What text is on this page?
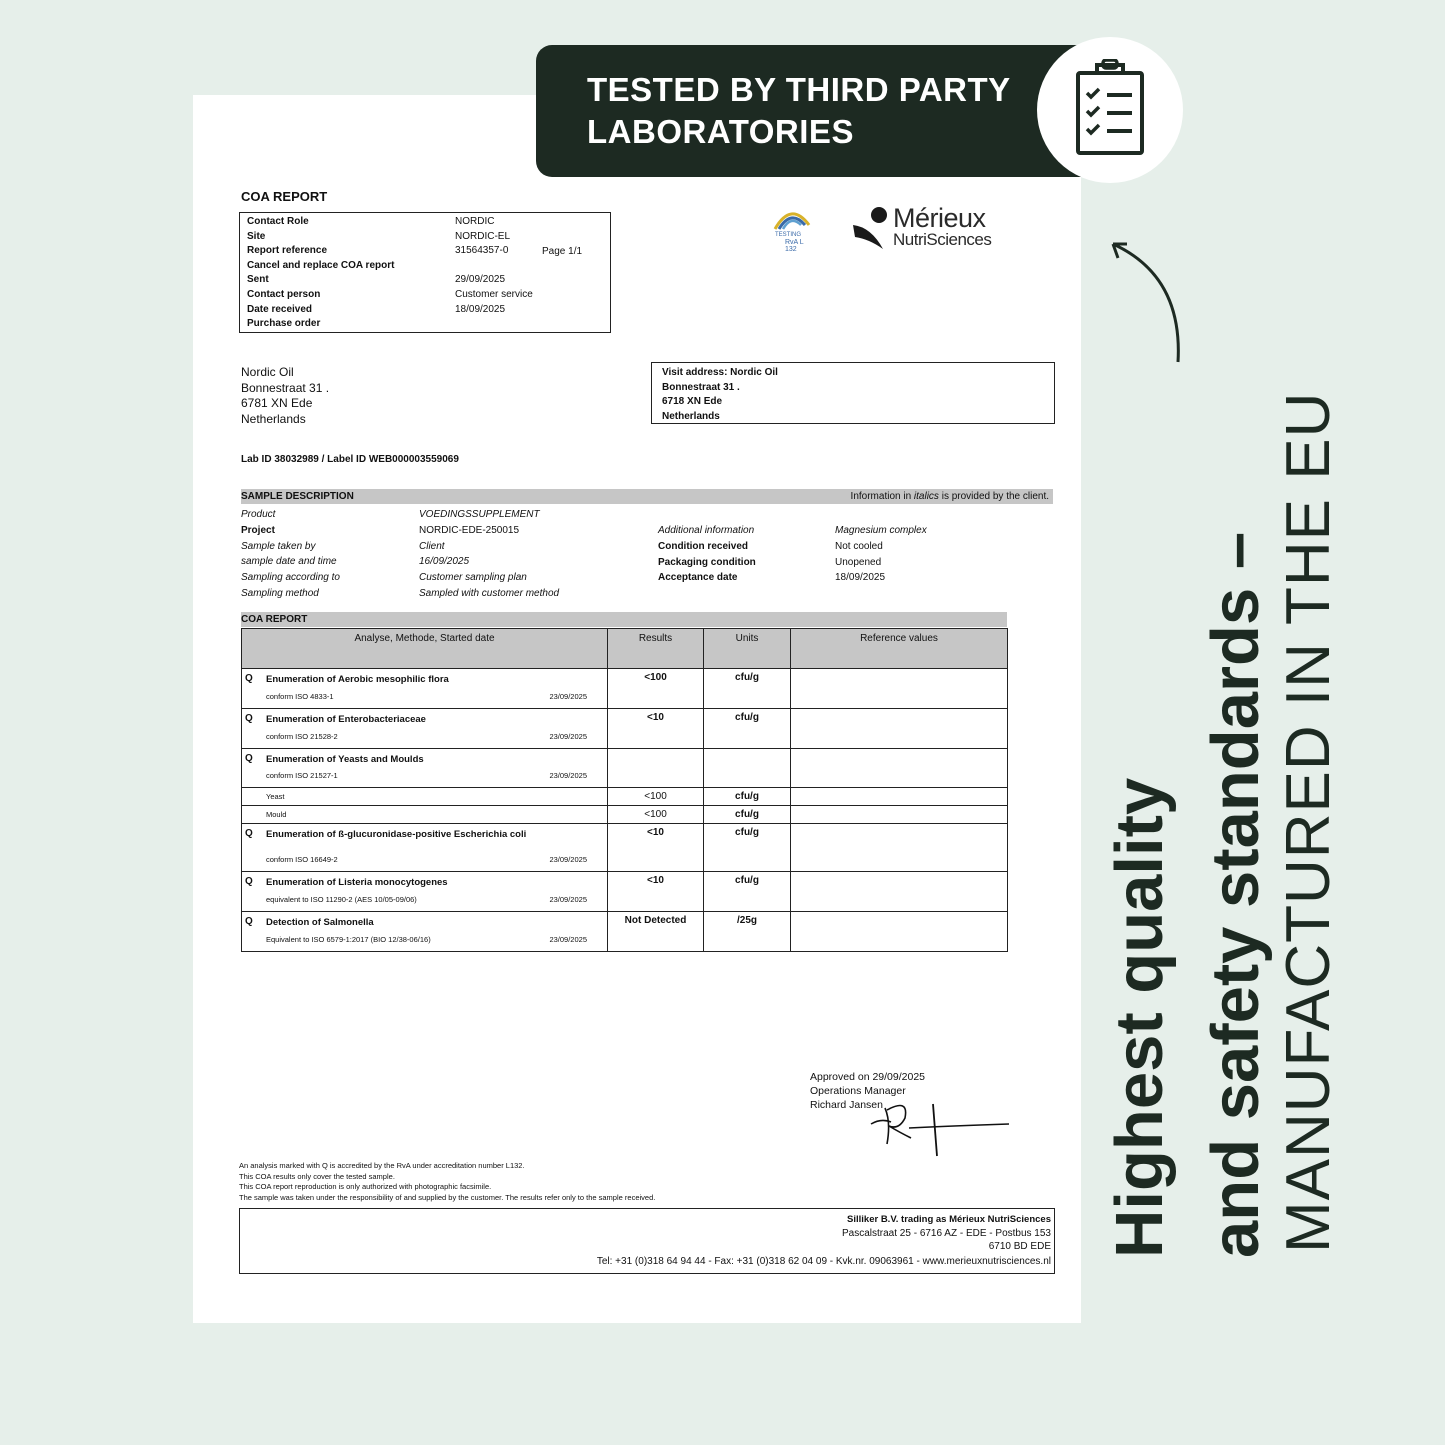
COA REPORT
Contact Role	NORDIC
Site	NORDIC-EL
Report reference	31564357-0
Cancel and replace COA report
Sent	29/09/2025
Contact person	Customer service
Date received	18/09/2025
Purchase order
Page 1/1
TESTING
RvA L 132
Mérieux
NutriSciences
Nordic Oil
Bonnestraat 31 .
6781 XN Ede
Netherlands
Visit address: Nordic Oil
Bonnestraat 31 .
6718 XN Ede
Netherlands
Lab ID 38032989 / Label ID WEB000003559069
SAMPLE DESCRIPTION	Information in italics is provided by the client.
Product	VOEDINGSSUPPLEMENT
Project	NORDIC-EDE-250015
Sample taken by	Client
sample date and time	16/09/2025
Sampling according to	Customer sampling plan
Sampling method	Sampled with customer method
Additional information	Magnesium complex
Condition received	Not cooled
Packaging condition	Unopened
Acceptance date	18/09/2025
COA REPORT
Analyse, Methode, Started date	Results	Units	Reference values

Q Enumeration of Aerobic mesophilic flora
conform ISO 4833-1 23/09/2025	<100	cfu/g	

Q Enumeration of Enterobacteriaceae
conform ISO 21528-2 23/09/2025	<10	cfu/g	

Q Enumeration of Yeasts and Moulds
conform ISO 21527-1 23/09/2025			

Yeast	<100	cfu/g	

Mould	<100	cfu/g	

Q Enumeration of ß-glucuronidase-positive Escherichia coli
conform ISO 16649-2 23/09/2025	<10	cfu/g	

Q Enumeration of Listeria monocytogenes
equivalent to ISO 11290-2 (AES 10/05-09/06) 23/09/2025	<10	cfu/g	

Q Detection of Salmonella
Equivalent to ISO 6579-1:2017 (BIO 12/38-06/16) 23/09/2025	Not Detected	/25g	
Approved on 29/09/2025
Operations Manager
Richard Jansen
An analysis marked with Q is accredited by the RvA under accreditation number L132.
This COA results only cover the tested sample.
This COA report reproduction is only authorized with photographic facsimile.
The sample was taken under the responsibility of and supplied by the customer. The results refer only to the sample received.
Silliker B.V. trading as Mérieux NutriSciences
Pascalstraat 25 - 6716 AZ - EDE - Postbus 153
6710 BD EDE
Tel: +31 (0)318 64 94 44 - Fax: +31 (0)318 62 04 09 - Kvk.nr. 09063961 - www.merieuxnutrisciences.nl
TESTED BY THIRD PARTY
LABORATORIES
Highest quality and safety standards – MANUFACTURED IN THE EU
